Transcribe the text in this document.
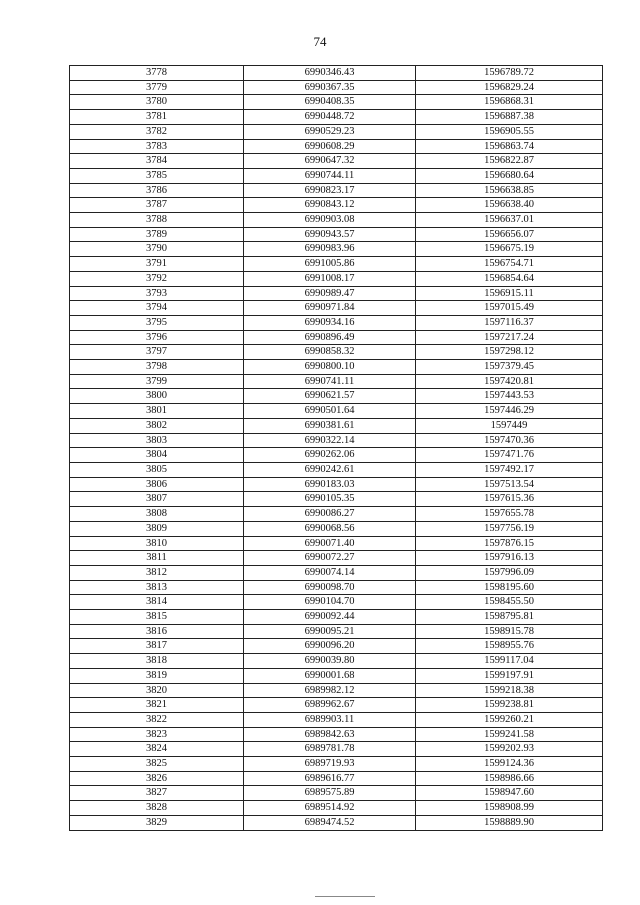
74
3778	6990346.43	1596789.72
3779	6990367.35	1596829.24
3780	6990408.35	1596868.31
3781	6990448.72	1596887.38
3782	6990529.23	1596905.55
3783	6990608.29	1596863.74
3784	6990647.32	1596822.87
3785	6990744.11	1596680.64
3786	6990823.17	1596638.85
3787	6990843.12	1596638.40
3788	6990903.08	1596637.01
3789	6990943.57	1596656.07
3790	6990983.96	1596675.19
3791	6991005.86	1596754.71
3792	6991008.17	1596854.64
3793	6990989.47	1596915.11
3794	6990971.84	1597015.49
3795	6990934.16	1597116.37
3796	6990896.49	1597217.24
3797	6990858.32	1597298.12
3798	6990800.10	1597379.45
3799	6990741.11	1597420.81
3800	6990621.57	1597443.53
3801	6990501.64	1597446.29
3802	6990381.61	1597449
3803	6990322.14	1597470.36
3804	6990262.06	1597471.76
3805	6990242.61	1597492.17
3806	6990183.03	1597513.54
3807	6990105.35	1597615.36
3808	6990086.27	1597655.78
3809	6990068.56	1597756.19
3810	6990071.40	1597876.15
3811	6990072.27	1597916.13
3812	6990074.14	1597996.09
3813	6990098.70	1598195.60
3814	6990104.70	1598455.50
3815	6990092.44	1598795.81
3816	6990095.21	1598915.78
3817	6990096.20	1598955.76
3818	6990039.80	1599117.04
3819	6990001.68	1599197.91
3820	6989982.12	1599218.38
3821	6989962.67	1599238.81
3822	6989903.11	1599260.21
3823	6989842.63	1599241.58
3824	6989781.78	1599202.93
3825	6989719.93	1599124.36
3826	6989616.77	1598986.66
3827	6989575.89	1598947.60
3828	6989514.92	1598908.99
3829	6989474.52	1598889.90
